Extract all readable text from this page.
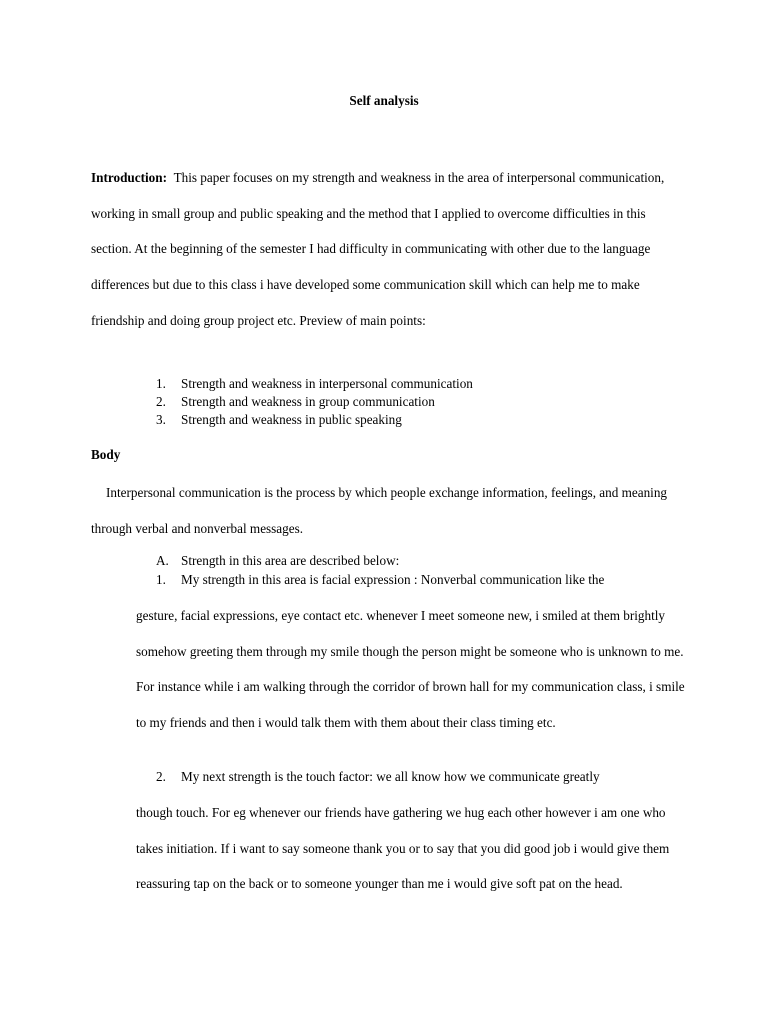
Self analysis

Introduction: This paper focuses on my strength and weakness in the area of interpersonal communication, working in small group and public speaking and the method that I applied to overcome difficulties in this section. At the beginning of the semester I had difficulty in communicating with other due to the language differences but due to this class i have developed some communication skill which can help me to make friendship and doing group project etc. Preview of main points:

1.	Strength and weakness in interpersonal communication
2.	Strength and weakness in group communication
3.	Strength and weakness in public speaking

Body

Interpersonal communication is the process by which people exchange information, feelings, and meaning through verbal and nonverbal messages.

A. Strength in this area are described below:

1.	My strength in this area is facial expression : Nonverbal communication like the
gesture, facial expressions, eye contact etc. whenever I meet someone new, i smiled at them brightly somehow greeting them through my smile though the person might be someone who is unknown to me. For instance while i am walking through the corridor of brown hall for my communication class, i smile to my friends and then i would talk them with them about their class timing etc.
2.	My next strength is the touch factor: we all know how we communicate greatly
though touch. For eg whenever our friends have gathering we hug each other however i am one who takes initiation. If i want to say someone thank you or to say that you did good job i would give them reassuring tap on the back or to someone younger than me i would give soft pat on the head.
